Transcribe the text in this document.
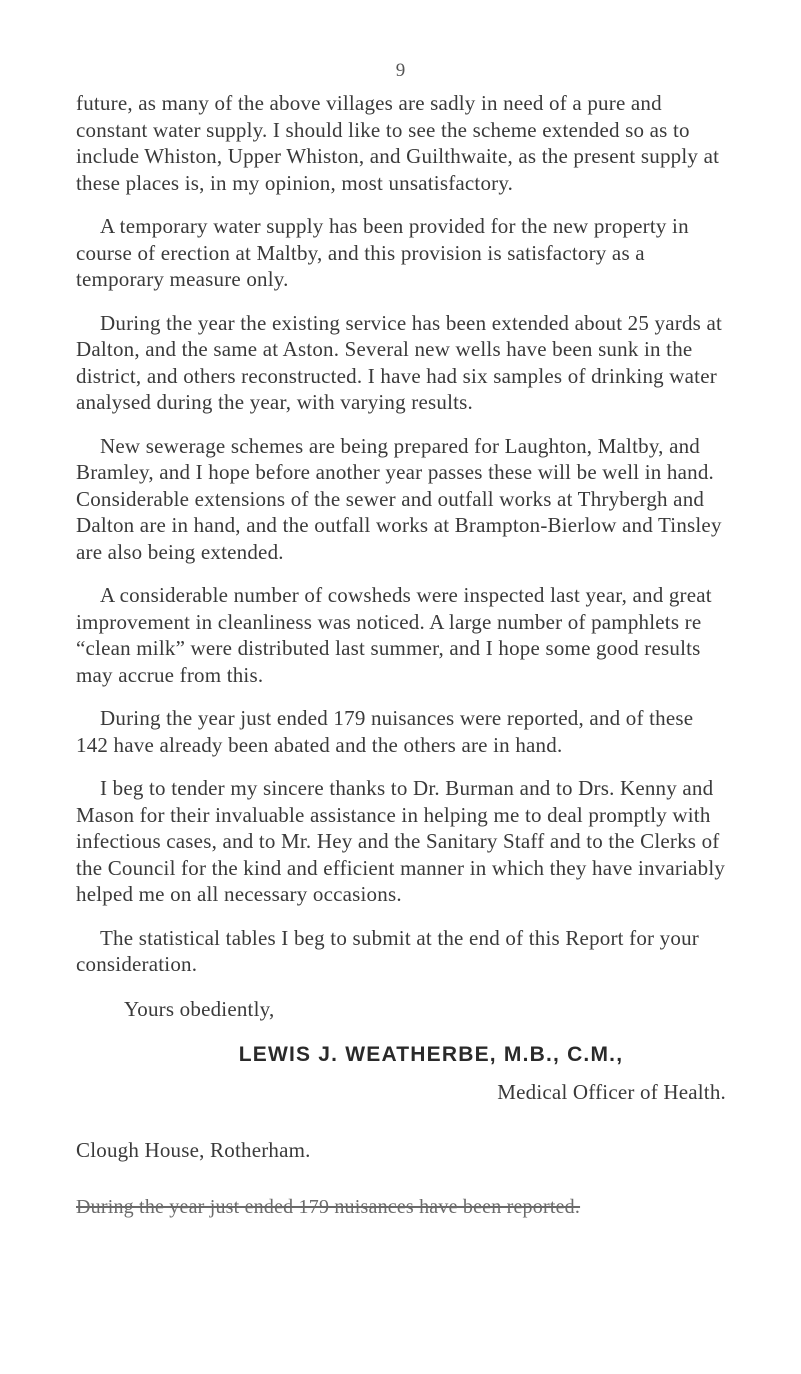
9

future, as many of the above villages are sadly in need of a pure and constant water supply. I should like to see the scheme extended so as to include Whiston, Upper Whiston, and Guilthwaite, as the present supply at these places is, in my opinion, most unsatisfactory.

A temporary water supply has been provided for the new property in course of erection at Maltby, and this provision is satisfactory as a temporary measure only.

During the year the existing service has been extended about 25 yards at Dalton, and the same at Aston. Several new wells have been sunk in the district, and others reconstructed. I have had six samples of drinking water analysed during the year, with varying results.

New sewerage schemes are being prepared for Laughton, Maltby, and Bramley, and I hope before another year passes these will be well in hand. Considerable extensions of the sewer and outfall works at Thrybergh and Dalton are in hand, and the outfall works at Brampton-Bierlow and Tinsley are also being extended.

A considerable number of cowsheds were inspected last year, and great improvement in cleanliness was noticed. A large number of pamphlets re “clean milk” were distributed last summer, and I hope some good results may accrue from this.

During the year just ended 179 nuisances were reported, and of these 142 have already been abated and the others are in hand.

I beg to tender my sincere thanks to Dr. Burman and to Drs. Kenny and Mason for their invaluable assistance in helping me to deal promptly with infectious cases, and to Mr. Hey and the Sanitary Staff and to the Clerks of the Council for the kind and efficient manner in which they have invariably helped me on all necessary occasions.

The statistical tables I beg to submit at the end of this Report for your consideration.

Yours obediently,
LEWIS J. WEATHERBE, M.B., C.M.,
Medical Officer of Health.
Clough House, Rotherham.
During the year just ended 179 nuisances have been reported.
